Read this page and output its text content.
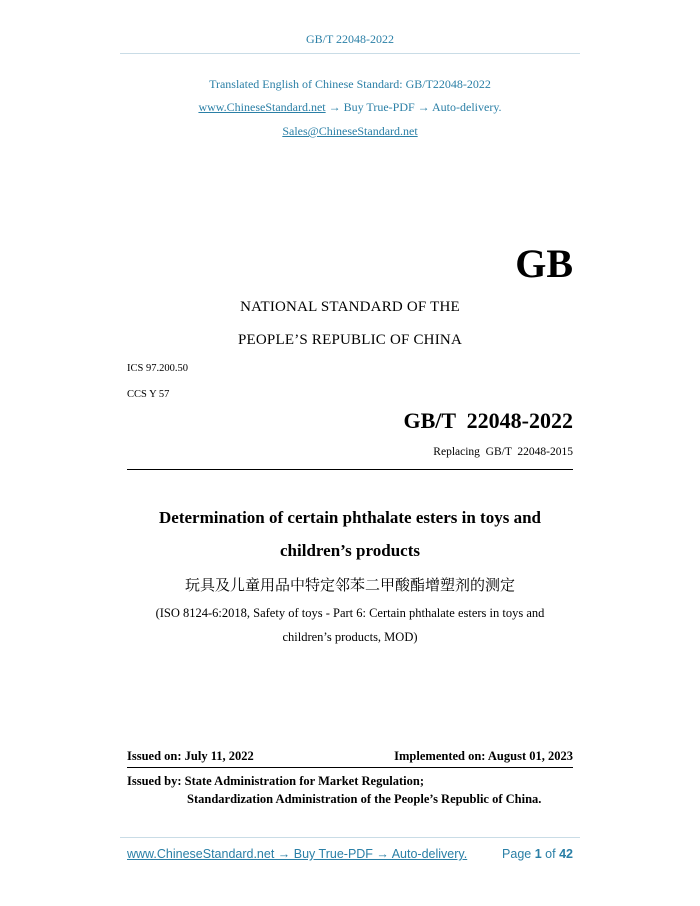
GB/T 22048-2022
Translated English of Chinese Standard: GB/T22048-2022
www.ChineseStandard.net → Buy True-PDF → Auto-delivery.
Sales@ChineseStandard.net
GB
NATIONAL STANDARD OF THE
PEOPLE’S REPUBLIC OF CHINA
ICS 97.200.50
CCS Y 57
GB/T  22048-2022
Replacing  GB/T  22048-2015
Determination of certain phthalate esters in toys and
children’s products
玩具及儿童用品中特定邻苯二甲酸酯增塑剂的测定
(ISO 8124-6:2018, Safety of toys - Part 6: Certain phthalate esters in toys and
children’s products, MOD)
Issued on: July 11, 2022	Implemented on: August 01, 2023
Issued by: State Administration for Market Regulation;
Standardization Administration of the People’s Republic of China.
www.ChineseStandard.net → Buy True-PDF → Auto-delivery.	Page 1 of 42
